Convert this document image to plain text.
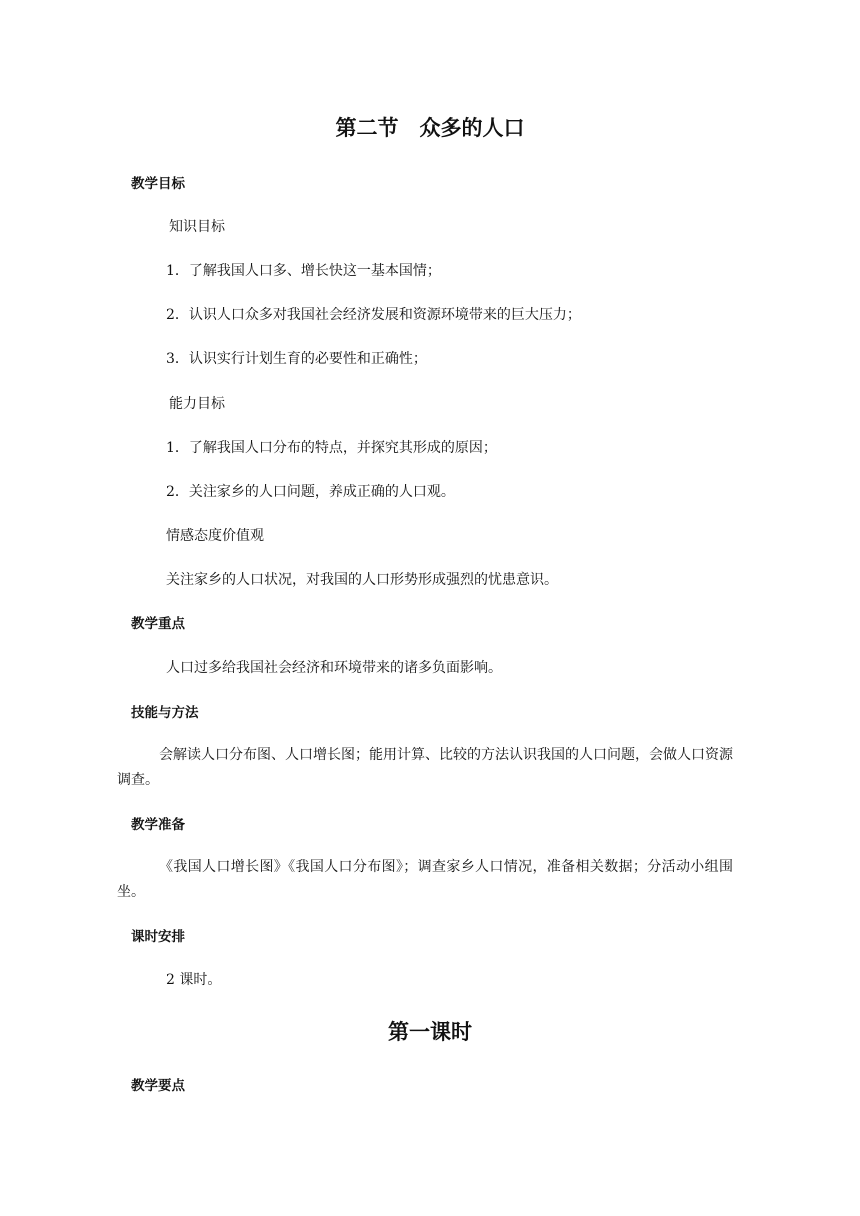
第二节　众多的人口
教学目标
知识目标
1．了解我国人口多、增长快这一基本国情；
2．认识人口众多对我国社会经济发展和资源环境带来的巨大压力；
3．认识实行计划生育的必要性和正确性；
能力目标
1．了解我国人口分布的特点，并探究其形成的原因；
2．关注家乡的人口问题，养成正确的人口观。
情感态度价值观
关注家乡的人口状况，对我国的人口形势形成强烈的忧患意识。
教学重点
人口过多给我国社会经济和环境带来的诸多负面影响。
技能与方法
会解读人口分布图、人口增长图；能用计算、比较的方法认识我国的人口问题，会做人口资源调查。
教学准备
《我国人口增长图》《我国人口分布图》；调查家乡人口情况，准备相关数据；分活动小组围坐。
课时安排
2 课时。
第一课时
教学要点
